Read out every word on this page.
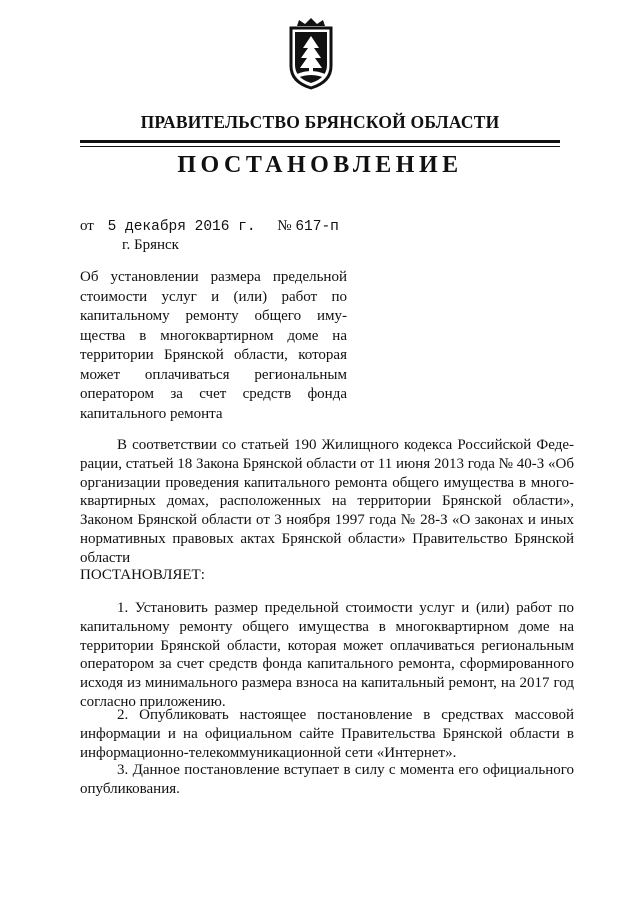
ПРАВИТЕЛЬСТВО БРЯНСКОЙ ОБЛАСТИ
ПОСТАНОВЛЕНИЕ
от 5 декабря 2016 г. № 617-п
г. Брянск
Об установлении размера предельной
стоимости услуг и (или) работ по
капитальному ремонту общего иму-
щества в многоквартирном доме на
территории Брянской области, которая
может оплачиваться региональным
оператором за счет средств фонда
капитального ремонта
В соответствии со статьей 190 Жилищного кодекса Российской Феде-
рации, статьей 18 Закона Брянской области от 11 июня 2013 года № 40-З «Об
организации проведения капитального ремонта общего имущества в много-
квартирных домах, расположенных на территории Брянской области»,
Законом Брянской области от 3 ноября 1997 года № 28-З «О законах и иных
нормативных правовых актах Брянской области» Правительство Брянской
области
ПОСТАНОВЛЯЕТ:
1. Установить размер предельной стоимости услуг и (или) работ по
капитальному ремонту общего имущества в многоквартирном доме на
территории Брянской области, которая может оплачиваться региональным
оператором за счет средств фонда капитального ремонта, сформированного
исходя из минимального размера взноса на капитальный ремонт, на 2017 год
согласно приложению.
2. Опубликовать настоящее постановление в средствах массовой
информации и на официальном сайте Правительства Брянской области в
информационно-телекоммуникационной сети «Интернет».
3. Данное постановление вступает в силу с момента его официального
опубликования.
